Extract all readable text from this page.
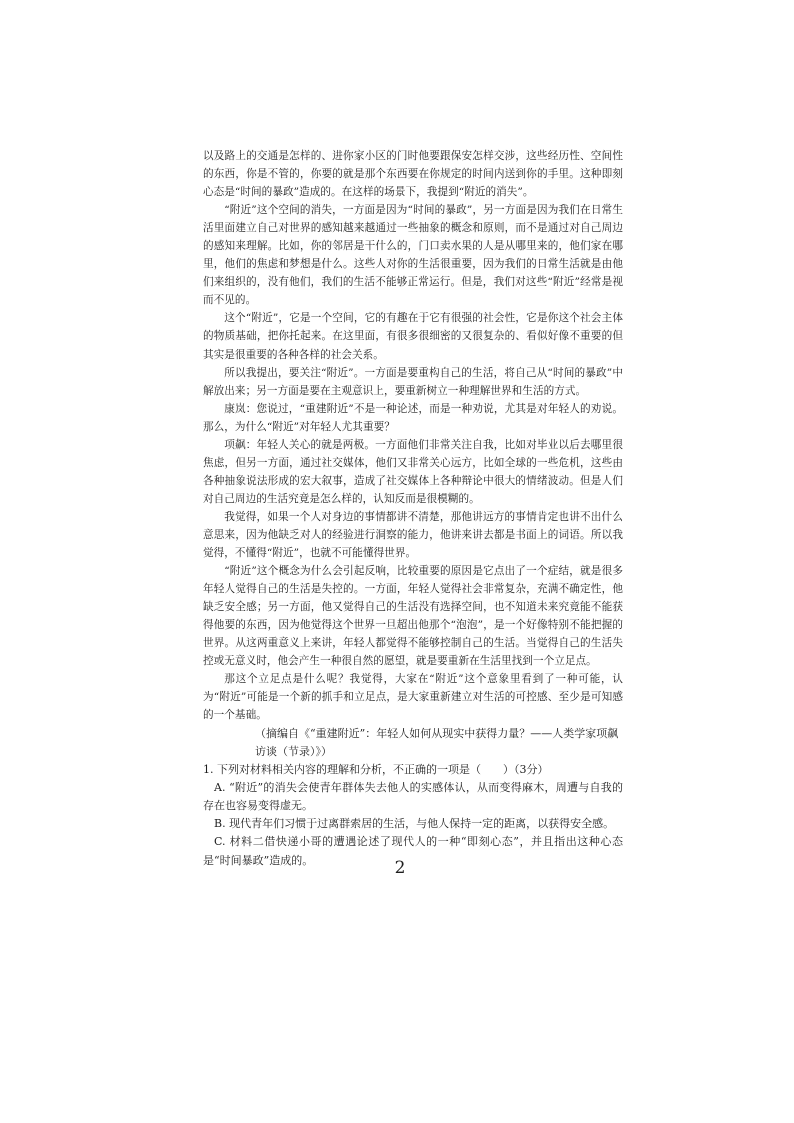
以及路上的交通是怎样的、进你家小区的门时他要跟保安怎样交涉，这些经历性、空间性的东西，你是不管的，你要的就是那个东西要在你规定的时间内送到你的手里。这种即刻心态是“时间的暴政”造成的。在这样的场景下，我提到“附近的消失”。

“附近”这个空间的消失，一方面是因为“时间的暴政”，另一方面是因为我们在日常生活里面建立自己对世界的感知越来越通过一些抽象的概念和原则，而不是通过对自己周边的感知来理解。比如，你的邻居是干什么的，门口卖水果的人是从哪里来的，他们家在哪里，他们的焦虑和梦想是什么。这些人对你的生活很重要，因为我们的日常生活就是由他们来组织的，没有他们，我们的生活不能够正常运行。但是，我们对这些“附近”经常是视而不见的。

这个“附近”，它是一个空间，它的有趣在于它有很强的社会性，它是你这个社会主体的物质基础，把你托起来。在这里面，有很多很细密的又很复杂的、看似好像不重要的但其实是很重要的各种各样的社会关系。

所以我提出，要关注“附近”。一方面是要重构自己的生活，将自己从“时间的暴政”中解放出来；另一方面是要在主观意识上，要重新树立一种理解世界和生活的方式。

康岚：您说过，“重建附近”不是一种论述，而是一种劝说，尤其是对年轻人的劝说。那么，为什么“附近”对年轻人尤其重要？

项飙：年轻人关心的就是两极。一方面他们非常关注自我，比如对毕业以后去哪里很焦虑，但另一方面，通过社交媒体，他们又非常关心远方，比如全球的一些危机，这些由各种抽象说法形成的宏大叙事，造成了社交媒体上各种辩论中很大的情绪波动。但是人们对自己周边的生活究竟是怎么样的，认知反而是很模糊的。

我觉得，如果一个人对身边的事情都讲不清楚，那他讲远方的事情肯定也讲不出什么意思来，因为他缺乏对人的经验进行洞察的能力，他讲来讲去都是书面上的词语。所以我觉得，不懂得“附近”，也就不可能懂得世界。

“附近”这个概念为什么会引起反响，比较重要的原因是它点出了一个症结，就是很多年轻人觉得自己的生活是失控的。一方面，年轻人觉得社会非常复杂，充满不确定性，他缺乏安全感；另一方面，他又觉得自己的生活没有选择空间，也不知道未来究竟能不能获得他要的东西，因为他觉得这个世界一旦超出他那个“泡泡”，是一个好像特别不能把握的世界。从这两重意义上来讲，年轻人都觉得不能够控制自己的生活。当觉得自己的生活失控或无意义时，他会产生一种很自然的愿望，就是要重新在生活里找到一个立足点。

那这个立足点是什么呢？我觉得，大家在“附近”这个意象里看到了一种可能，认为“附近”可能是一个新的抓手和立足点，是大家重新建立对生活的可控感、至少是可知感的一个基础。

（摘编自《“重建附近”：年轻人如何从现实中获得力量？——人类学家项飙访谈（节录）》）

1. 下列对材料相关内容的理解和分析，不正确的一项是（　　）（3分）

A. “附近”的消失会使青年群体失去他人的实感体认，从而变得麻木，周遭与自我的存在也容易变得虚无。

B. 现代青年们习惯于过离群索居的生活，与他人保持一定的距离，以获得安全感。

C. 材料二借快递小哥的遭遇论述了现代人的一种“即刻心态”，并且指出这种心态是“时间暴政”造成的。	2
